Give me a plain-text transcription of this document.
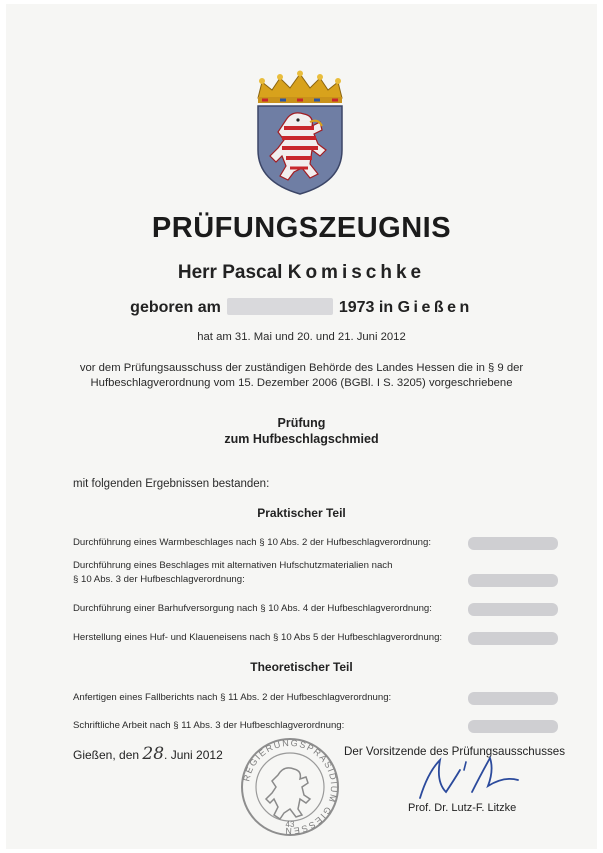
PRÜFUNGSZEUGNIS
Herr Pascal Komischke
geboren am	1973 in Gießen
hat am 31. Mai und 20. und 21. Juni 2012
vor dem Prüfungsausschuss der zuständigen Behörde des Landes Hessen die in § 9 der
Hufbeschlagverordnung vom 15. Dezember 2006 (BGBl. I S. 3205) vorgeschriebene
Prüfung
zum Hufbeschlagschmied
mit folgenden Ergebnissen bestanden:
Praktischer Teil
Durchführung eines Warmbeschlages nach § 10 Abs. 2 der Hufbeschlagverordnung:
Durchführung eines Beschlages mit alternativen Hufschutzmaterialien nach
§ 10 Abs. 3 der Hufbeschlagverordnung:
Durchführung einer Barhufversorgung nach § 10 Abs. 4 der Hufbeschlagverordnung:
Herstellung eines Huf- und Klaueneisens nach § 10 Abs 5 der Hufbeschlagverordnung:
Theoretischer Teil
Anfertigen eines Fallberichts nach § 11 Abs. 2 der Hufbeschlagverordnung:
Schriftliche Arbeit nach § 11 Abs. 3 der Hufbeschlagverordnung:
Gießen, den 28. Juni 2012	Der Vorsitzende des Prüfungsausschusses
REGIERUNGSPRÄSIDIUM GIESSEN
43
Prof. Dr. Lutz-F. Litzke
